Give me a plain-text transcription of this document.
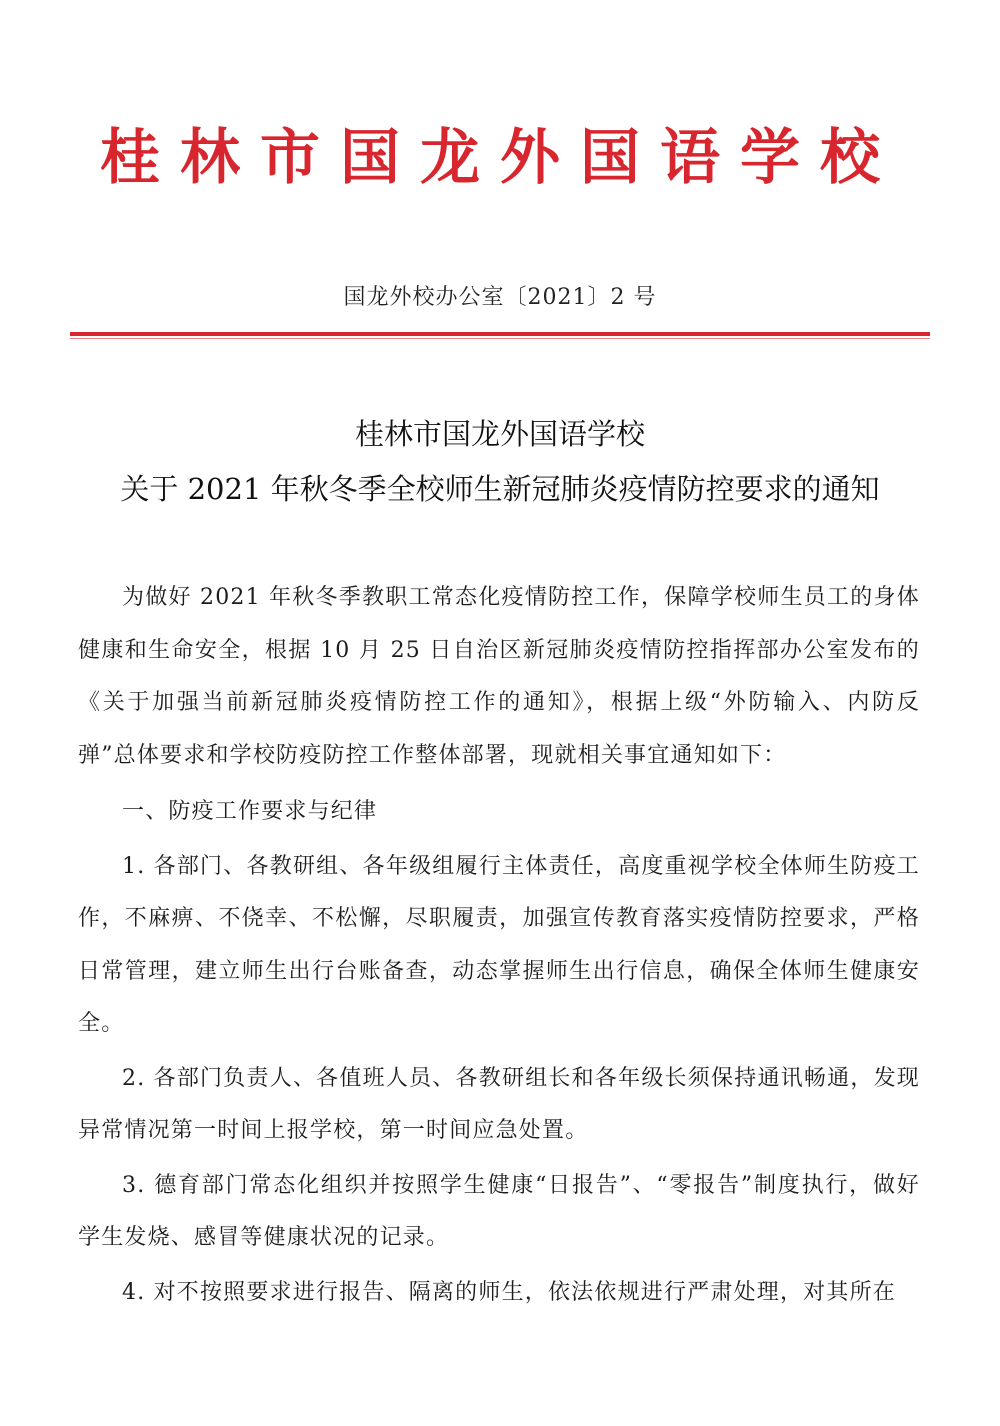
桂林市国龙外国语学校
国龙外校办公室〔2021〕2 号
桂林市国龙外国语学校
关于 2021 年秋冬季全校师生新冠肺炎疫情防控要求的通知

为做好 2021 年秋冬季教职工常态化疫情防控工作，保障学校师生员工的身体健康和生命安全，根据 10 月 25 日自治区新冠肺炎疫情防控指挥部办公室发布的《关于加强当前新冠肺炎疫情防控工作的通知》，根据上级“外防输入、内防反弹”总体要求和学校防疫防控工作整体部署，现就相关事宜通知如下：

一、防疫工作要求与纪律

1. 各部门、各教研组、各年级组履行主体责任，高度重视学校全体师生防疫工作，不麻痹、不侥幸、不松懈，尽职履责，加强宣传教育落实疫情防控要求，严格日常管理，建立师生出行台账备查，动态掌握师生出行信息，确保全体师生健康安全。

2. 各部门负责人、各值班人员、各教研组长和各年级长须保持通讯畅通，发现异常情况第一时间上报学校，第一时间应急处置。

3. 德育部门常态化组织并按照学生健康“日报告”、“零报告”制度执行，做好学生发烧、感冒等健康状况的记录。

4. 对不按照要求进行报告、隔离的师生，依法依规进行严肃处理，对其所在
